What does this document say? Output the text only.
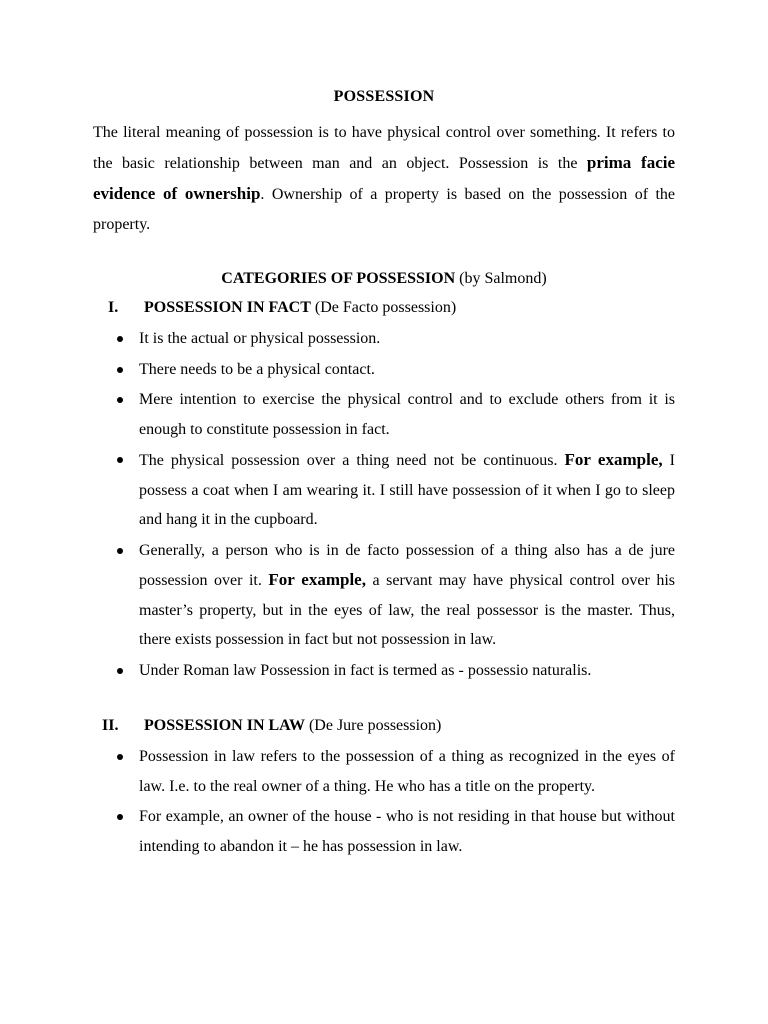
POSSESSION

The literal meaning of possession is to have physical control over something. It refers to the basic relationship between man and an object. Possession is the prima facie evidence of ownership. Ownership of a property is based on the possession of the property.

CATEGORIES OF POSSESSION (by Salmond)
I. POSSESSION IN FACT (De Facto possession)
It is the actual or physical possession.
There needs to be a physical contact.
Mere intention to exercise the physical control and to exclude others from it is enough to constitute possession in fact.
The physical possession over a thing need not be continuous. For example, I possess a coat when I am wearing it. I still have possession of it when I go to sleep and hang it in the cupboard.
Generally, a person who is in de facto possession of a thing also has a de jure possession over it. For example, a servant may have physical control over his master’s property, but in the eyes of law, the real possessor is the master. Thus, there exists possession in fact but not possession in law.
Under Roman law Possession in fact is termed as - possessio naturalis.
II. POSSESSION IN LAW (De Jure possession)
Possession in law refers to the possession of a thing as recognized in the eyes of law. I.e. to the real owner of a thing. He who has a title on the property.
For example, an owner of the house - who is not residing in that house but without intending to abandon it – he has possession in law.
